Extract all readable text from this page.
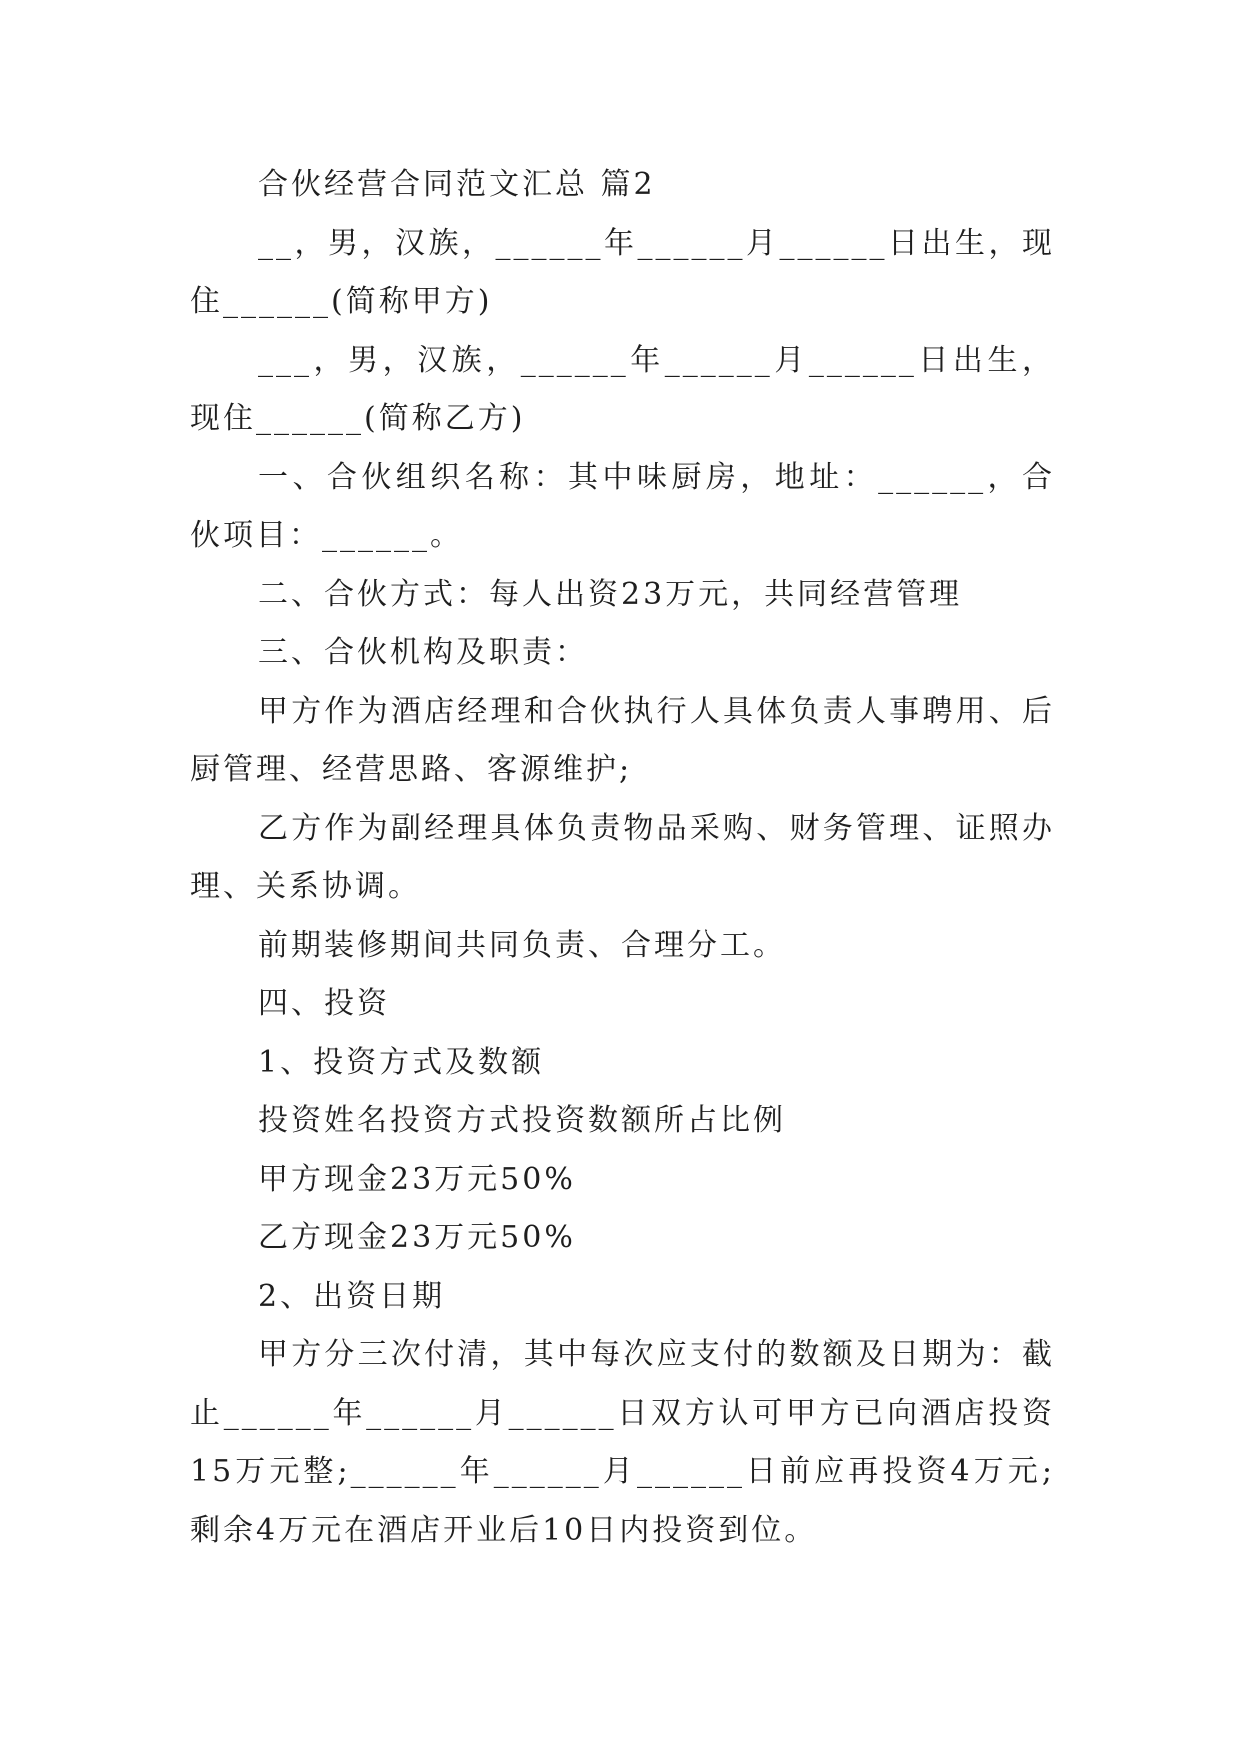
合伙经营合同范文汇总 篇2

__，男，汉族，______年______月______日出生，现住______(简称甲方)

___，男，汉族，______年______月______日出生，现住______(简称乙方)

一、合伙组织名称：其中味厨房，地址：______，合伙项目：______。

二、合伙方式：每人出资23万元，共同经营管理

三、合伙机构及职责：

甲方作为酒店经理和合伙执行人具体负责人事聘用、后厨管理、经营思路、客源维护;

乙方作为副经理具体负责物品采购、财务管理、证照办理、关系协调。

前期装修期间共同负责、合理分工。

四、投资

1、投资方式及数额

投资姓名投资方式投资数额所占比例

甲方现金23万元50%

乙方现金23万元50%

2、出资日期

甲方分三次付清，其中每次应支付的数额及日期为：截止______年______月______日双方认可甲方已向酒店投资15万元整;______年______月______日前应再投资4万元;剩余4万元在酒店开业后10日内投资到位。
